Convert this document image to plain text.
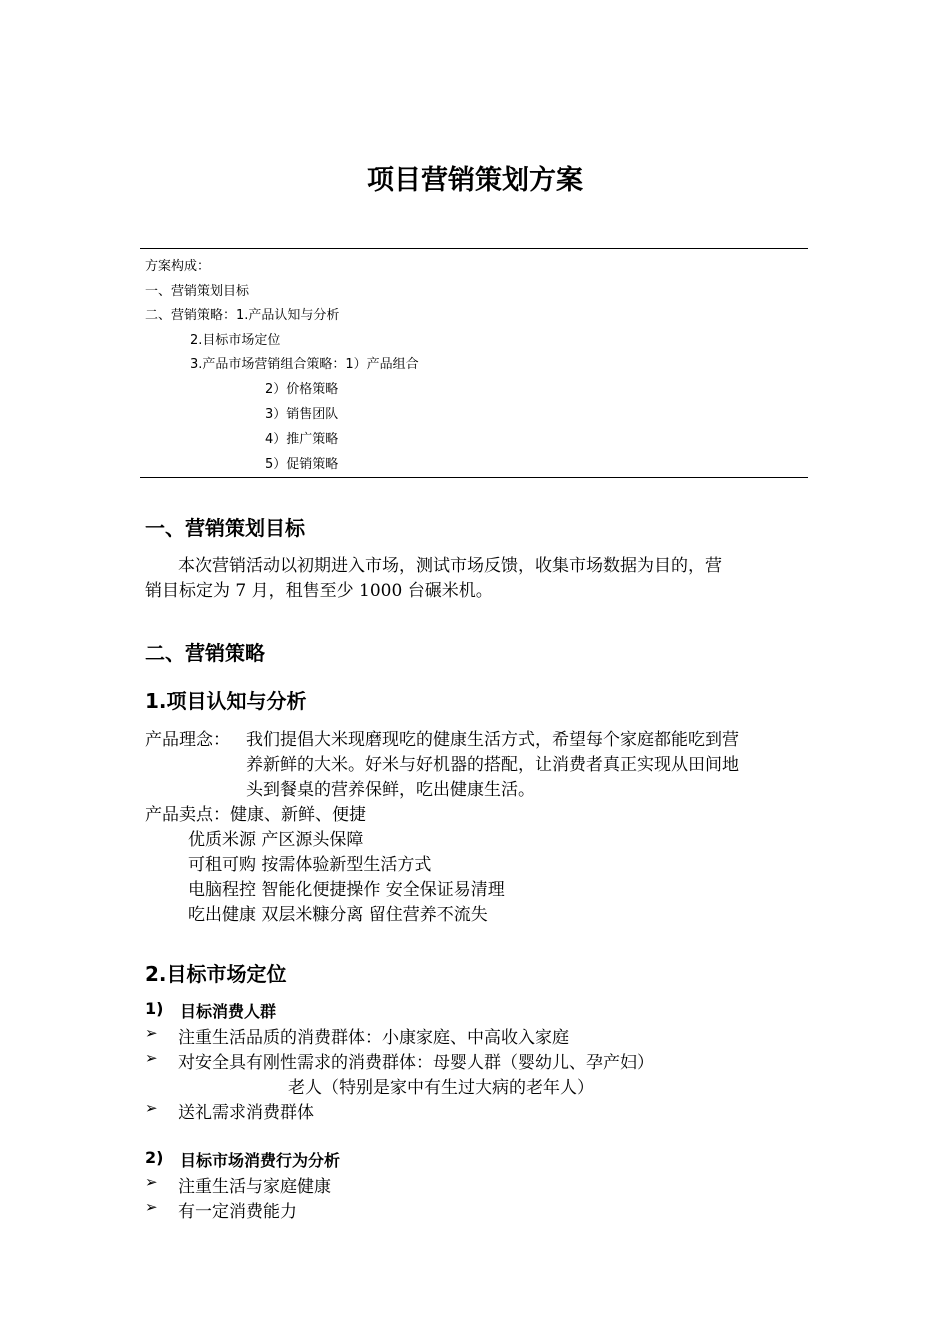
项目营销策划方案
方案构成：
一、营销策划目标
二、营销策略：1.产品认知与分析
2.目标市场定位
3.产品市场营销组合策略：1）产品组合
2）价格策略
3）销售团队
4）推广策略
5）促销策略
一、营销策划目标
本次营销活动以初期进入市场，测试市场反馈，收集市场数据为目的，营
销目标定为 7 月，租售至少 1000 台碾米机。
二、营销策略
1.项目认知与分析
产品理念： 我们提倡大米现磨现吃的健康生活方式，希望每个家庭都能吃到营
养新鲜的大米。好米与好机器的搭配，让消费者真正实现从田间地
头到餐桌的营养保鲜，吃出健康生活。
产品卖点：健康、新鲜、便捷
优质米源 产区源头保障
可租可购 按需体验新型生活方式
电脑程控 智能化便捷操作 安全保证易清理
吃出健康 双层米糠分离 留住营养不流失
2.目标市场定位
1) 目标消费人群
➢ 注重生活品质的消费群体：小康家庭、中高收入家庭
➢ 对安全具有刚性需求的消费群体：母婴人群（婴幼儿、孕产妇）
老人（特别是家中有生过大病的老年人）
➢ 送礼需求消费群体
2) 目标市场消费行为分析
➢ 注重生活与家庭健康
➢ 有一定消费能力
